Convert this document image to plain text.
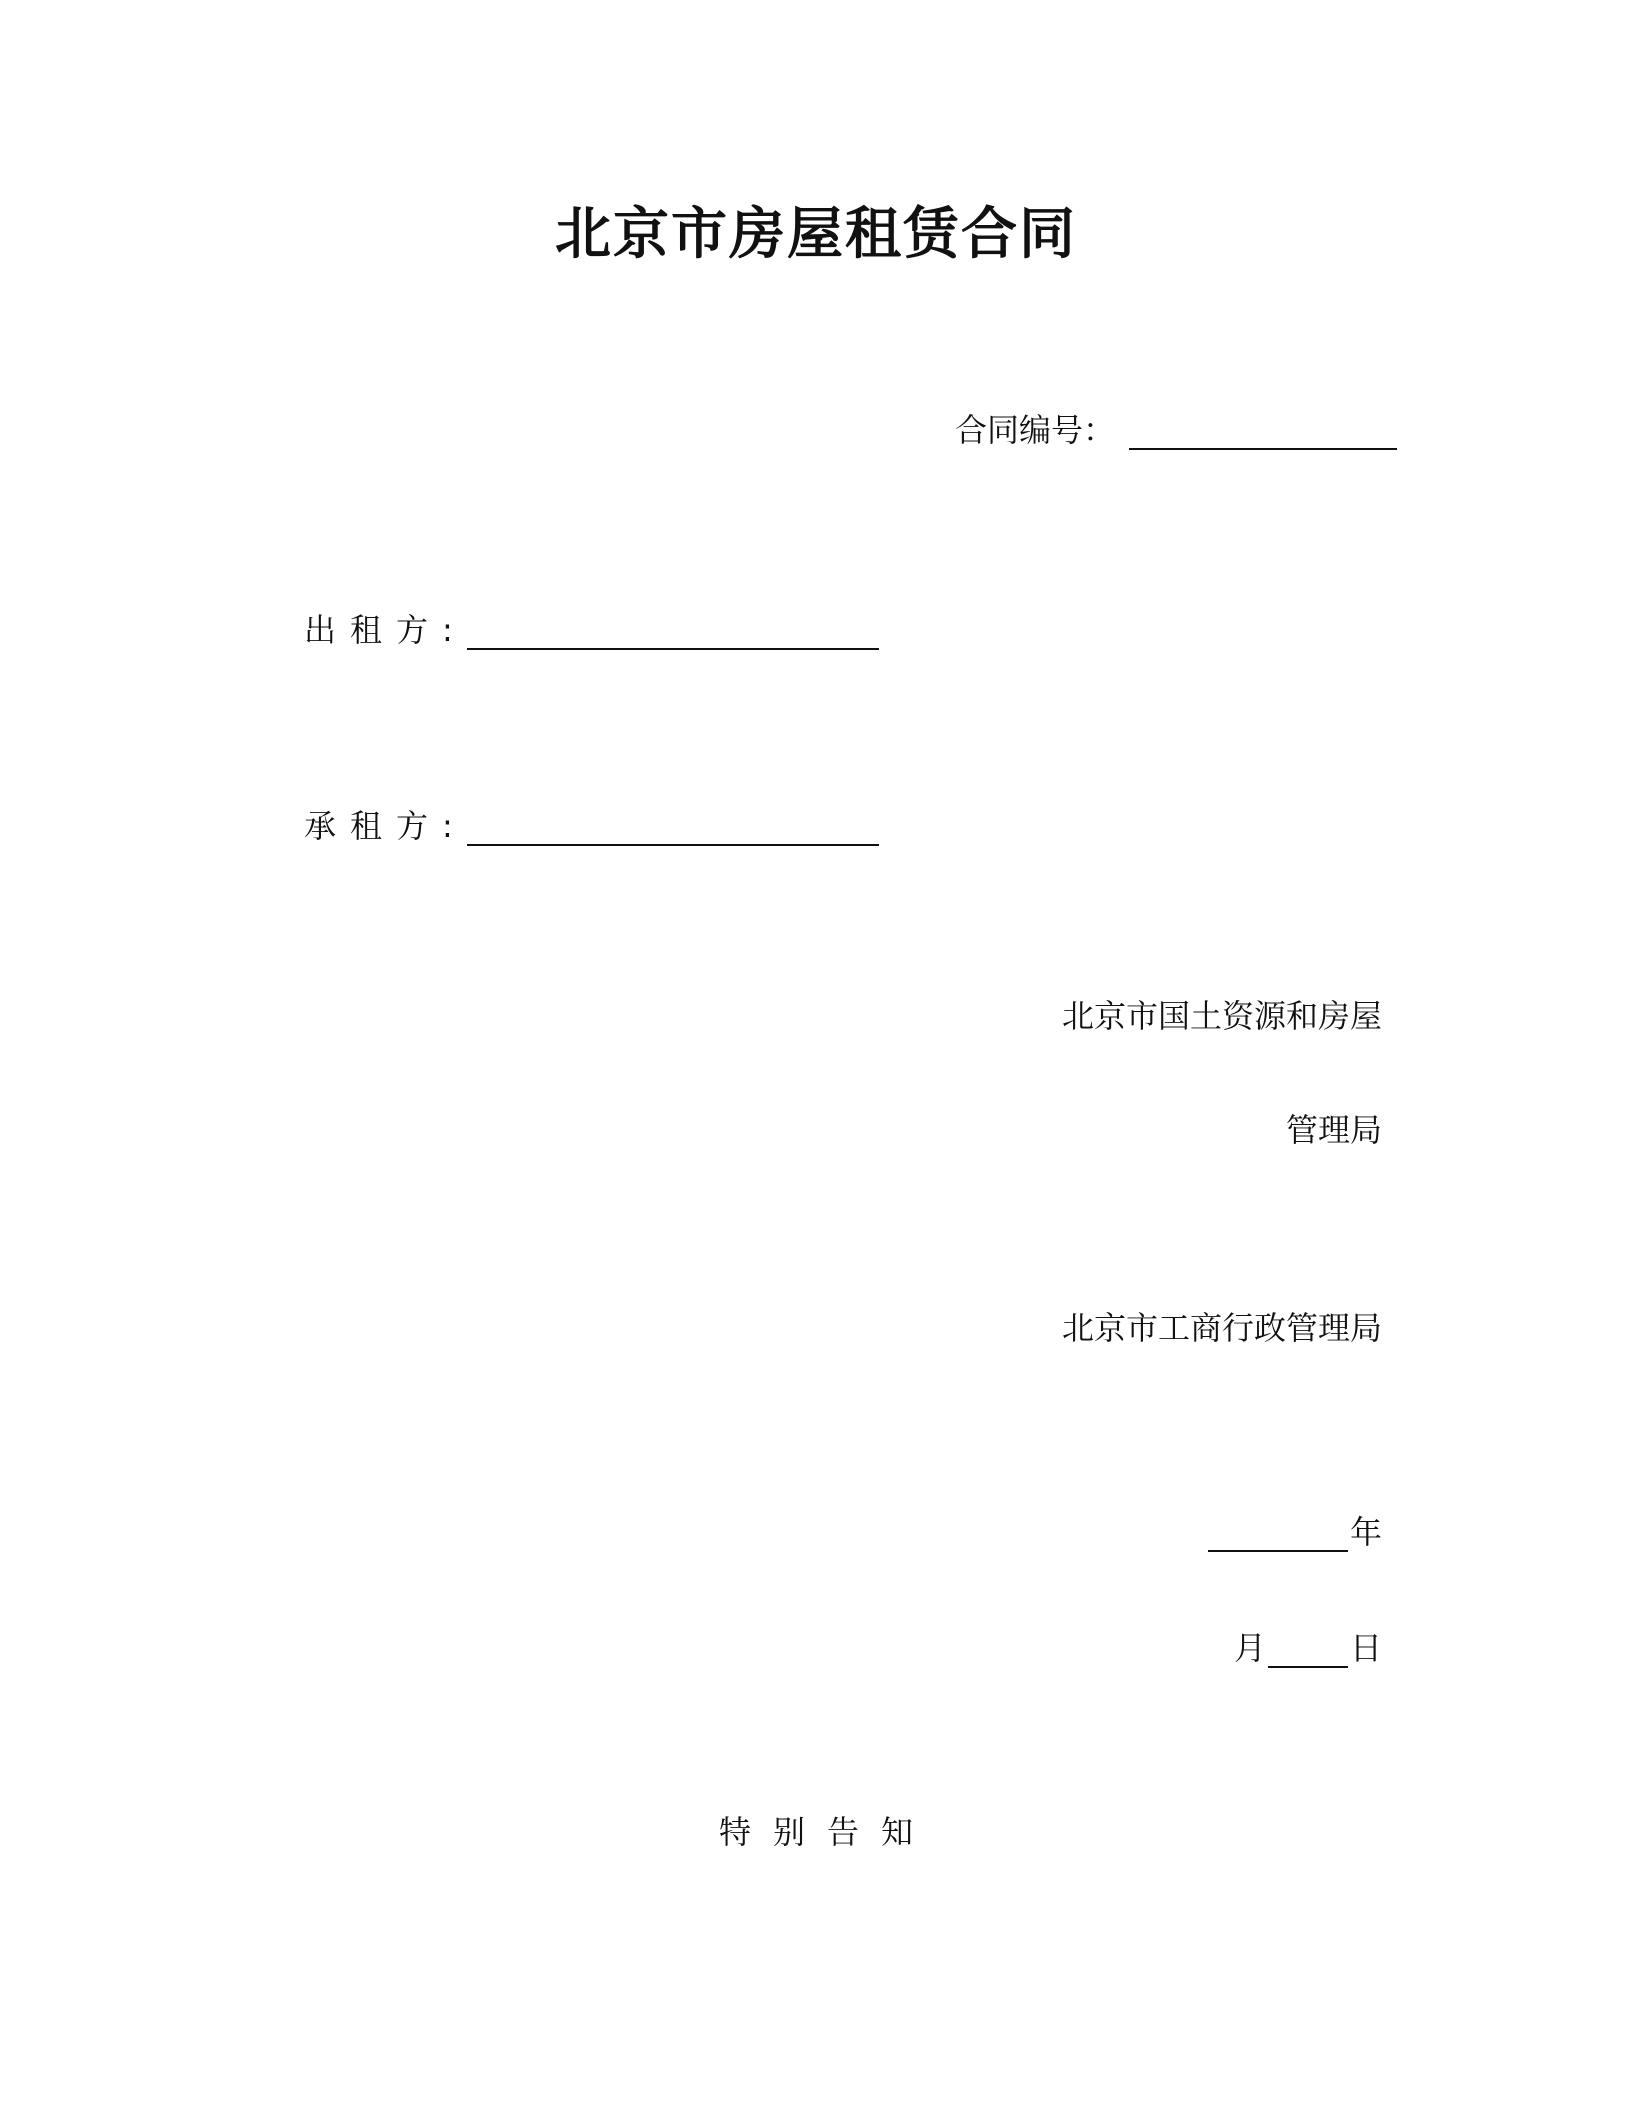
北京市房屋租赁合同
合同编号：
出租方:
承租方:
北京市国土资源和房屋
管理局
北京市工商行政管理局
年
月	日
特别告知
